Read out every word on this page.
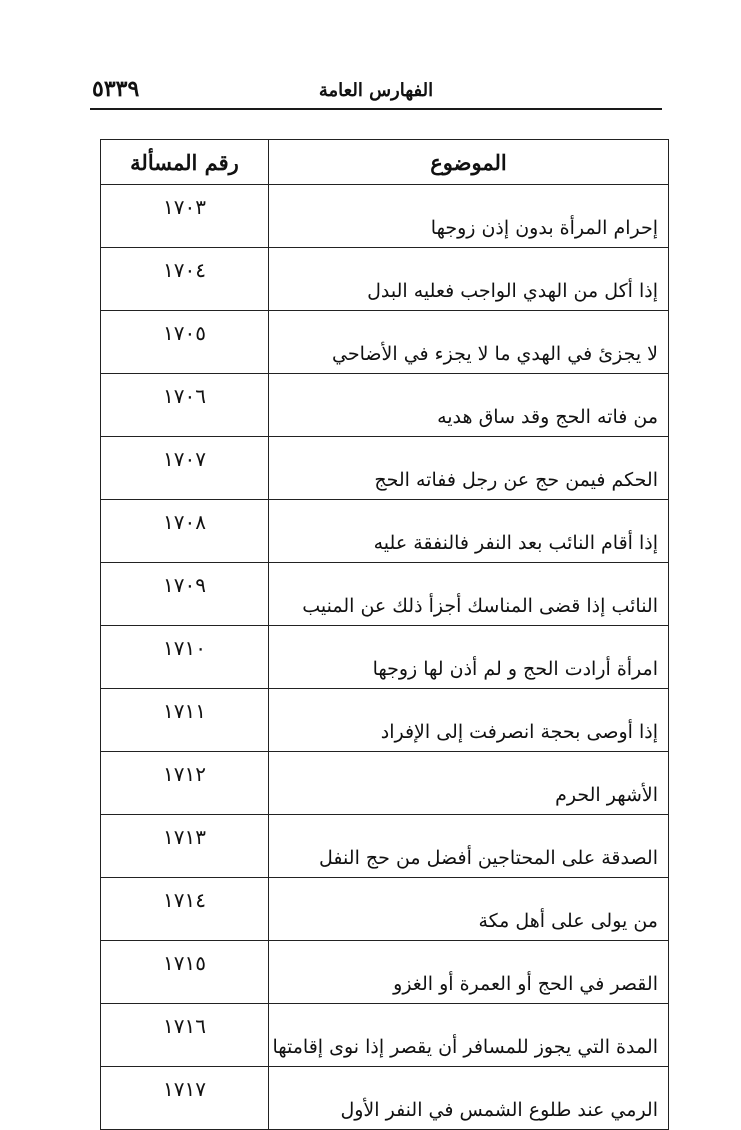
٥٣٣٩	الفهارس العامة
الموضوع	رقم المسألة
إحرام المرأة بدون إذن زوجها	١٧٠٣
إذا أكل من الهدي الواجب فعليه البدل	١٧٠٤
لا يجزئ في الهدي ما لا يجزء في الأضاحي	١٧٠٥
من فاته الحج وقد ساق هديه	١٧٠٦
الحكم فيمن حج عن رجل ففاته الحج	١٧٠٧
إذا أقام النائب بعد النفر فالنفقة عليه	١٧٠٨
النائب إذا قضى المناسك أجزأ ذلك عن المنيب	١٧٠٩
امرأة أرادت الحج و لم أذن لها زوجها	١٧١٠
إذا أوصى بحجة انصرفت إلى الإفراد	١٧١١
الأشهر الحرم	١٧١٢
الصدقة على المحتاجين أفضل من حج النفل	١٧١٣
من يولى على أهل مكة	١٧١٤
القصر في الحج أو العمرة أو الغزو	١٧١٥
المدة التي يجوز للمسافر أن يقصر إذا نوى إقامتها	١٧١٦
الرمي عند طلوع الشمس في النفر الأول	١٧١٧
